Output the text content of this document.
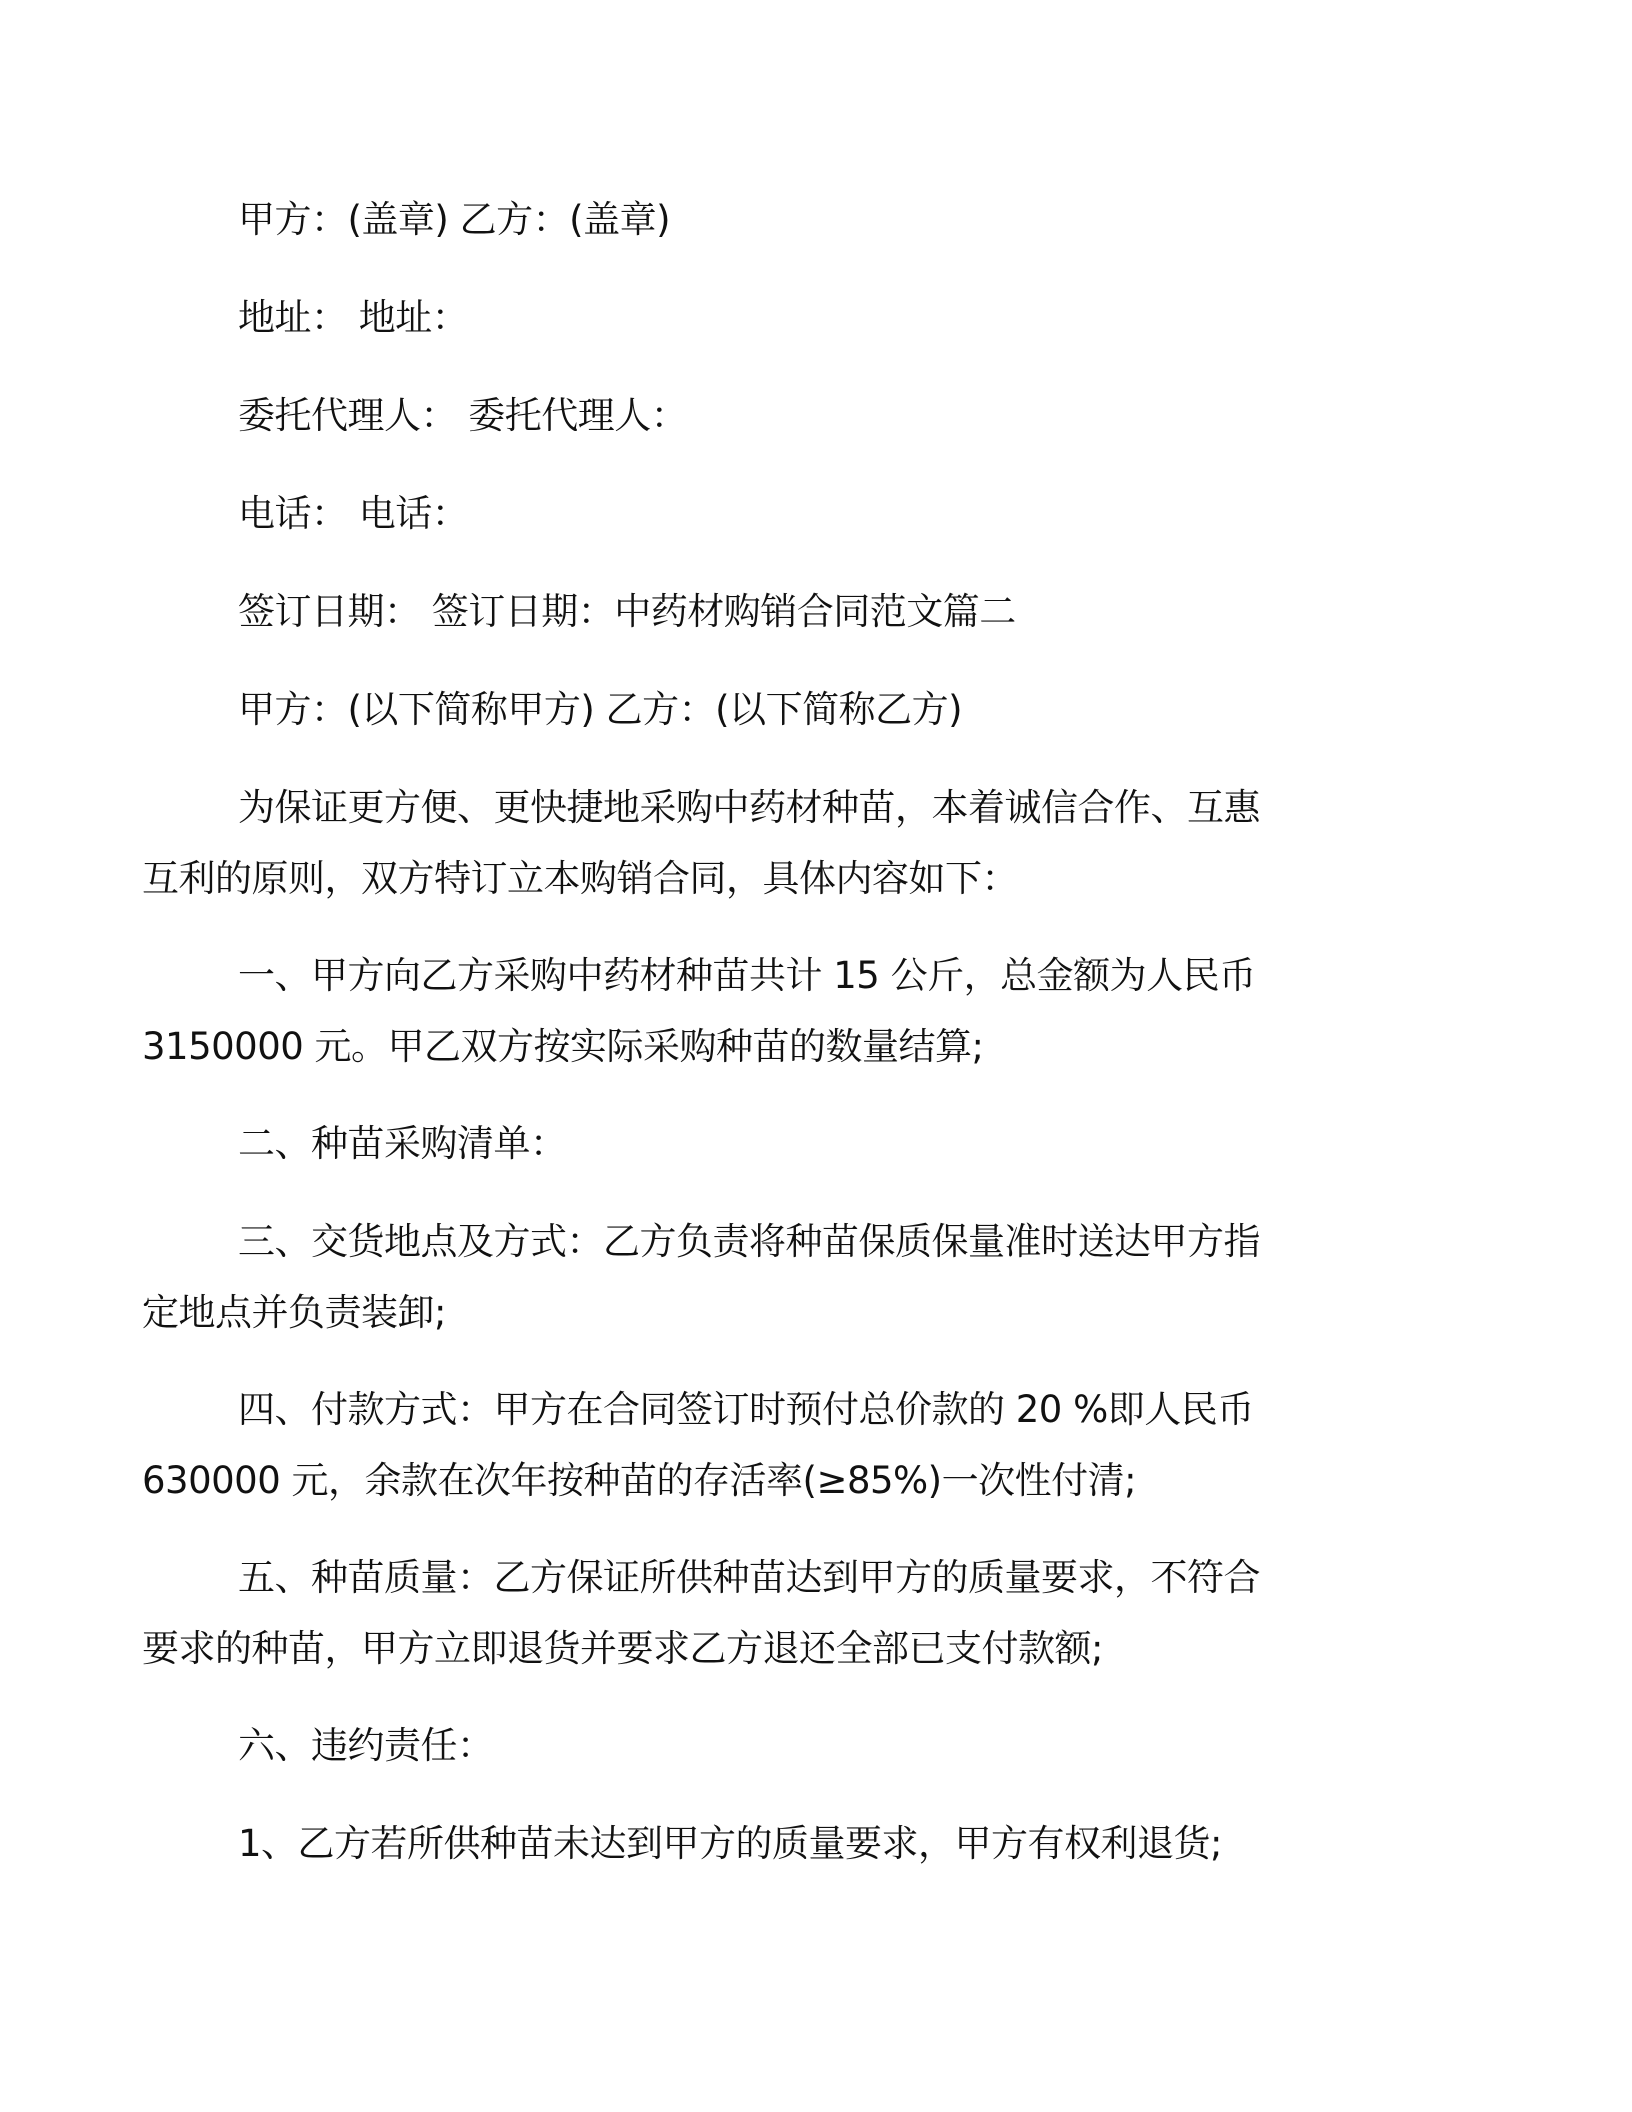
甲方：(盖章) 乙方：(盖章)
地址： 地址：
委托代理人： 委托代理人：
电话： 电话：
签订日期： 签订日期：中药材购销合同范文篇二
甲方：(以下简称甲方) 乙方：(以下简称乙方)
为保证更方便、更快捷地采购中药材种苗，本着诚信合作、互惠
互利的原则，双方特订立本购销合同，具体内容如下：
一、甲方向乙方采购中药材种苗共计 15 公斤，总金额为人民币
3150000 元。甲乙双方按实际采购种苗的数量结算;
二、种苗采购清单：
三、交货地点及方式：乙方负责将种苗保质保量准时送达甲方指
定地点并负责装卸;
四、付款方式：甲方在合同签订时预付总价款的 20 %即人民币
630000 元，余款在次年按种苗的存活率(≥85%)一次性付清;
五、种苗质量：乙方保证所供种苗达到甲方的质量要求，不符合
要求的种苗，甲方立即退货并要求乙方退还全部已支付款额;
六、违约责任：
1、乙方若所供种苗未达到甲方的质量要求，甲方有权利退货;
